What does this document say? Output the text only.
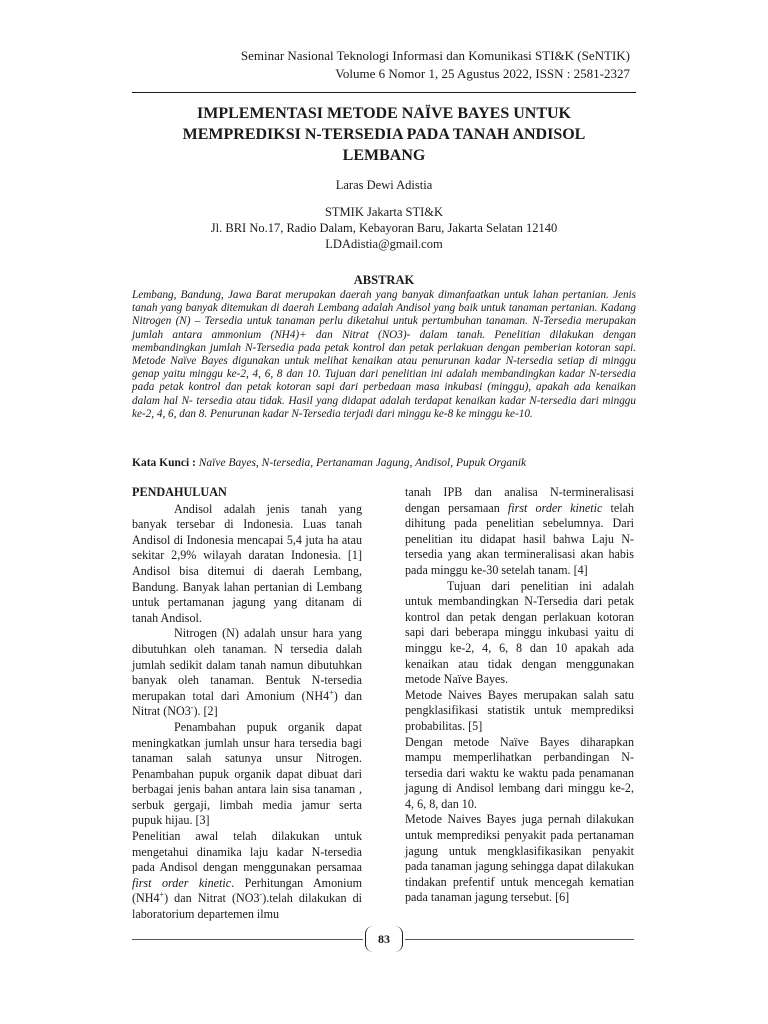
Seminar Nasional Teknologi Informasi dan Komunikasi STI&K (SeNTIK)
Volume 6 Nomor 1, 25 Agustus 2022, ISSN : 2581-2327
IMPLEMENTASI METODE NAÏVE BAYES UNTUK
MEMPREDIKSI N-TERSEDIA PADA TANAH ANDISOL
LEMBANG
Laras Dewi Adistia
STMIK Jakarta STI&K
Jl. BRI No.17, Radio Dalam, Kebayoran Baru, Jakarta Selatan 12140
LDAdistia@gmail.com
ABSTRAK
Lembang, Bandung, Jawa Barat merupakan daerah yang banyak dimanfaatkan untuk lahan pertanian. Jenis tanah yang banyak ditemukan di daerah Lembang adalah Andisol yang baik untuk tanaman pertanian. Kadang Nitrogen (N) – Tersedia untuk tanaman perlu diketahui untuk pertumbuhan tanaman. N-Tersedia merupakan jumlah antara ammonium (NH4)+ dan Nitrat (NO3)- dalam tanah. Penelitian dilakukan dengan membandingkan jumlah N-Tersedia pada petak kontrol dan petak perlakuan dengan pemberian kotoran sapi. Metode Naïve Bayes digunakan untuk melihat kenaikan atau penurunan kadar N-tersedia setiap di minggu genap yaitu minggu ke-2, 4, 6, 8 dan 10. Tujuan dari penelitian ini adalah membandingkan kadar N-tersedia pada petak kontrol dan petak kotoran sapi dari perbedaan masa inkubasi (minggu), apakah ada kenaikan dalam hal N- tersedia atau tidak. Hasil yang didapat adalah terdapat kenaikan kadar N-tersedia dari minggu ke-2, 4, 6, dan 8. Penurunan kadar N-Tersedia terjadi dari minggu ke-8 ke minggu ke-10.
Kata Kunci : Naïve Bayes, N-tersedia, Pertanaman Jagung, Andisol, Pupuk Organik
PENDAHULUAN

Andisol adalah jenis tanah yang banyak tersebar di Indonesia. Luas tanah Andisol di Indonesia mencapai 5,4 juta ha atau sekitar 2,9% wilayah daratan Indonesia. [1] Andisol bisa ditemui di daerah Lembang, Bandung. Banyak lahan pertanian di Lembang untuk pertamanan jagung yang ditanam di tanah Andisol.

Nitrogen (N) adalah unsur hara yang dibutuhkan oleh tanaman. N tersedia dalah jumlah sedikit dalam tanah namun dibutuhkan banyak oleh tanaman. Bentuk N-tersedia merupakan total dari Amonium (NH4+) dan Nitrat (NO3-). [2]

Penambahan pupuk organik dapat meningkatkan jumlah unsur hara tersedia bagi tanaman salah satunya unsur Nitrogen. Penambahan pupuk organik dapat dibuat dari berbagai jenis bahan antara lain sisa tanaman , serbuk gergaji, limbah media jamur serta pupuk hijau. [3]

Penelitian awal telah dilakukan untuk mengetahui dinamika laju kadar N-tersedia pada Andisol dengan menggunakan persamaa first order kinetic. Perhitungan Amonium (NH4+) dan Nitrat (NO3-).telah dilakukan di laboratorium departemen ilmu

tanah IPB dan analisa N-termineralisasi dengan persamaan first order kinetic telah dihitung pada penelitian sebelumnya. Dari penelitian itu didapat hasil bahwa Laju N-tersedia yang akan termineralisasi akan habis pada minggu ke-30 setelah tanam. [4]

Tujuan dari penelitian ini adalah untuk membandingkan N-Tersedia dari petak kontrol dan petak dengan perlakuan kotoran sapi dari beberapa minggu inkubasi yaitu di minggu ke-2, 4, 6, 8 dan 10 apakah ada kenaikan atau tidak dengan menggunakan metode Naïve Bayes.

Metode Naives Bayes merupakan salah satu pengklasifikasi statistik untuk memprediksi probabilitas. [5]

Dengan metode Naïve Bayes diharapkan mampu memperlihatkan perbandingan N-tersedia dari waktu ke waktu pada penamanan jagung di Andisol lembang dari minggu ke-2, 4, 6, 8, dan 10.

Metode Naives Bayes juga pernah dilakukan untuk memprediksi penyakit pada pertanaman jagung untuk mengklasifikasikan penyakit pada tanaman jagung sehingga dapat dilakukan tindakan prefentif untuk mencegah kematian pada tanaman jagung tersebut. [6]

83
